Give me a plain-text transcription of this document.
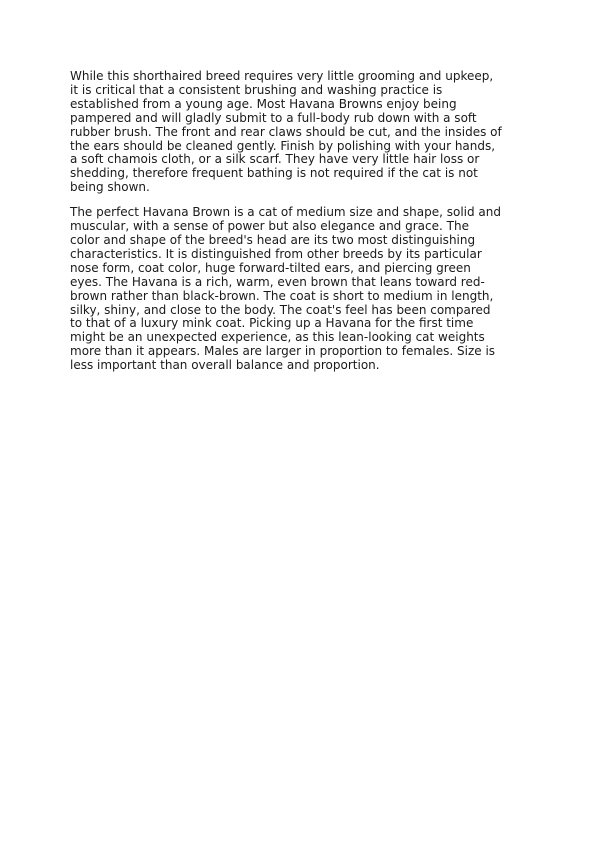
While this shorthaired breed requires very little grooming and upkeep,
it is critical that a consistent brushing and washing practice is
established from a young age. Most Havana Browns enjoy being
pampered and will gladly submit to a full-body rub down with a soft
rubber brush. The front and rear claws should be cut, and the insides of
the ears should be cleaned gently. Finish by polishing with your hands,
a soft chamois cloth, or a silk scarf. They have very little hair loss or
shedding, therefore frequent bathing is not required if the cat is not
being shown.

The perfect Havana Brown is a cat of medium size and shape, solid and
muscular, with a sense of power but also elegance and grace. The
color and shape of the breed's head are its two most distinguishing
characteristics. It is distinguished from other breeds by its particular
nose form, coat color, huge forward-tilted ears, and piercing green
eyes. The Havana is a rich, warm, even brown that leans toward red-
brown rather than black-brown. The coat is short to medium in length,
silky, shiny, and close to the body. The coat's feel has been compared
to that of a luxury mink coat. Picking up a Havana for the first time
might be an unexpected experience, as this lean-looking cat weights
more than it appears. Males are larger in proportion to females. Size is
less important than overall balance and proportion.
